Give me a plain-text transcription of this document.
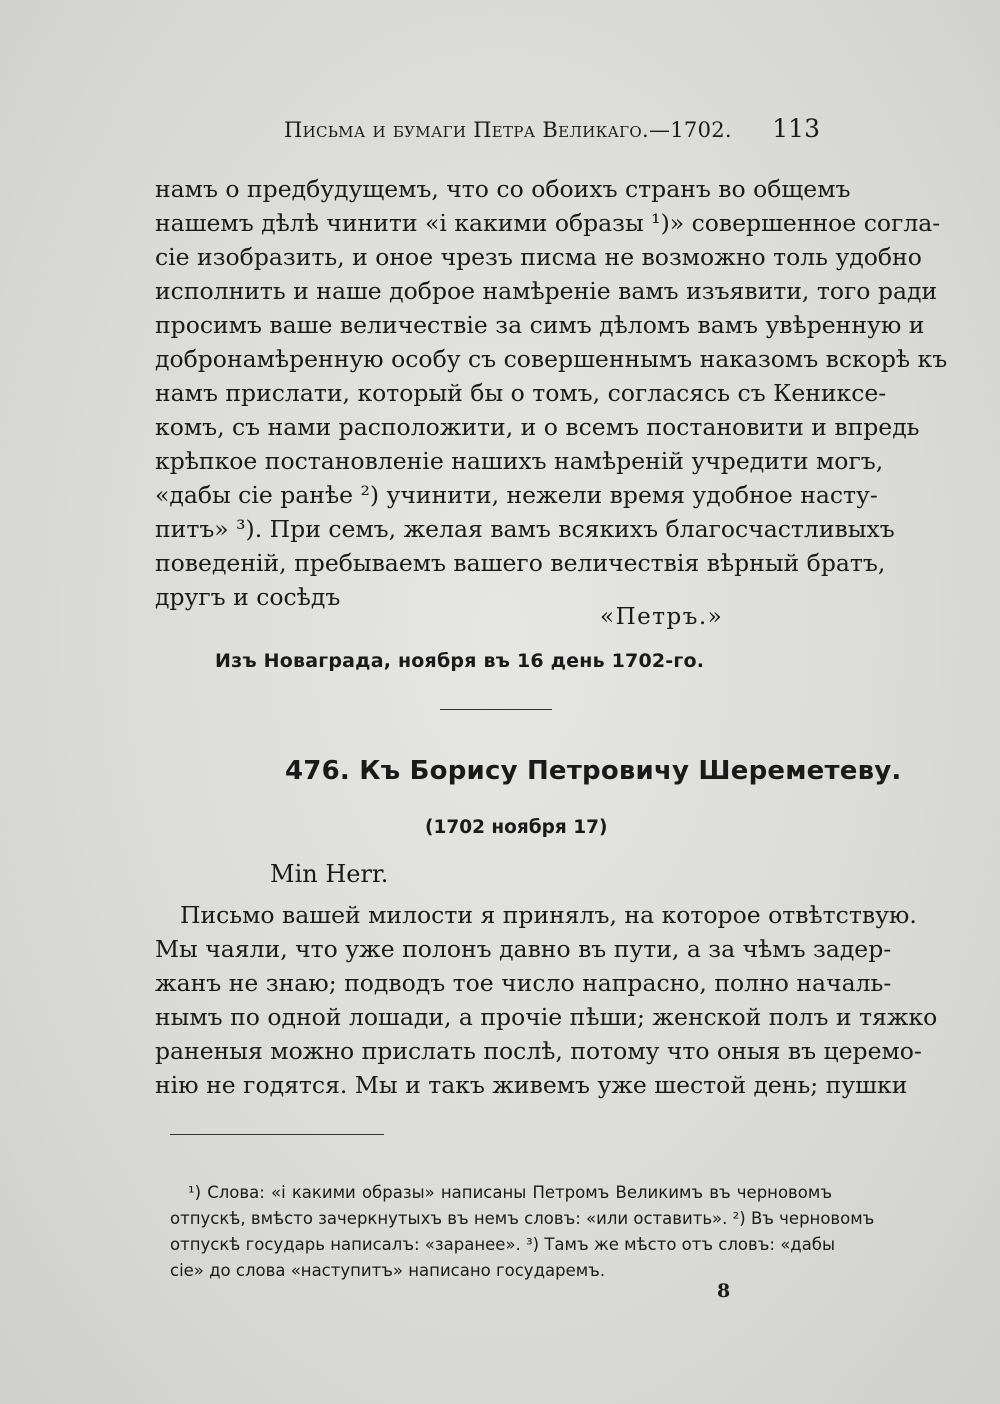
Письма и бумаги Петра Великаго.—1702. 113
намъ о предбудущемъ, что со обоихъ странъ во общемъ
нашемъ дѣлѣ чинити «і какими образы ¹)» совершенное согла-
сіе изобразить, и оное чрезъ писма не возможно толь удобно
исполнить и наше доброе намѣреніе вамъ изъявити, того ради
просимъ ваше величествіе за симъ дѣломъ вамъ увѣренную и
добронамѣренную особу съ совершеннымъ наказомъ вскорѣ къ
намъ прислати, который бы о томъ, согласясь съ Кениксе-
комъ, съ нами расположити, и о всемъ постановити и впредь
крѣпкое постановленіе нашихъ намѣреній учредити могъ,
«дабы сіе ранѣе ²) учинити, нежели время удобное насту-
питъ» ³). При семъ, желая вамъ всякихъ благосчастливыхъ
поведеній, пребываемъ вашего величествія вѣрный братъ,
другъ и сосѣдъ
«Петръ.»
Изъ Новаграда, ноября въ 16 день 1702-го.
476. Къ Борису Петровичу Шереметеву.
(1702 ноября 17)
Min Herr.
Письмо вашей милости я принялъ, на которое отвѣтствую.
Мы чаяли, что уже полонъ давно въ пути, а за чѣмъ задер-
жанъ не знаю; подводъ тое число напрасно, полно началь-
нымъ по одной лошади, а прочіе пѣши; женской полъ и тяжко
раненыя можно прислать послѣ, потому что оныя въ церемо-
нію не годятся. Мы и такъ живемъ уже шестой день; пушки
¹) Слова: «і какими образы» написаны Петромъ Великимъ въ черновомъ
отпускѣ, вмѣсто зачеркнутыхъ въ немъ словъ: «или оставить». ²) Въ черновомъ
отпускѣ государь написалъ: «заранее». ³) Тамъ же мѣсто отъ словъ: «дабы
сіе» до слова «наступитъ» написано государемъ.
8
